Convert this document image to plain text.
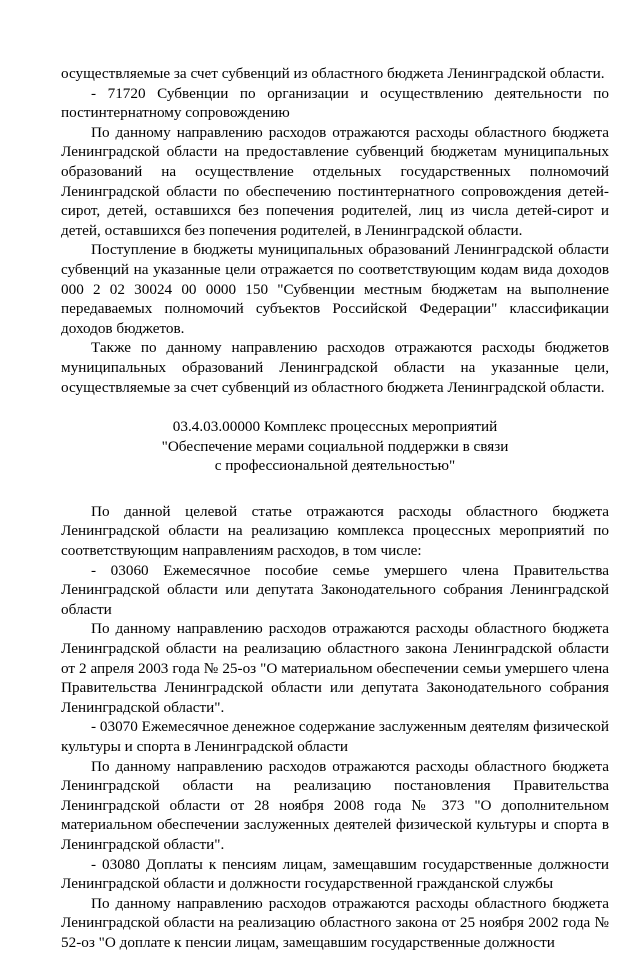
осуществляемые за счет субвенций из областного бюджета Ленинградской области.

- 71720 Субвенции по организации и осуществлению деятельности по постинтернатному сопровождению

По данному направлению расходов отражаются расходы областного бюджета Ленинградской области на предоставление субвенций бюджетам муниципальных образований на осуществление отдельных государственных полномочий Ленинградской области по обеспечению постинтернатного сопровождения детей-сирот, детей, оставшихся без попечения родителей, лиц из числа детей-сирот и детей, оставшихся без попечения родителей, в Ленинградской области.

Поступление в бюджеты муниципальных образований Ленинградской области субвенций на указанные цели отражается по соответствующим кодам вида доходов 000 2 02 30024 00 0000 150 "Субвенции местным бюджетам на выполнение передаваемых полномочий субъектов Российской Федерации" классификации доходов бюджетов.

Также по данному направлению расходов отражаются расходы бюджетов муниципальных образований Ленинградской области на указанные цели, осуществляемые за счет субвенций из областного бюджета Ленинградской области.

03.4.03.00000 Комплекс процессных мероприятий
"Обеспечение мерами социальной поддержки в связи
с профессиональной деятельностью"

По данной целевой статье отражаются расходы областного бюджета Ленинградской области на реализацию комплекса процессных мероприятий по соответствующим направлениям расходов, в том числе:

- 03060 Ежемесячное пособие семье умершего члена Правительства Ленинградской области или депутата Законодательного собрания Ленинградской области

По данному направлению расходов отражаются расходы областного бюджета Ленинградской области на реализацию областного закона Ленинградской области от 2 апреля 2003 года № 25-оз "О материальном обеспечении семьи умершего члена Правительства Ленинградской области или депутата Законодательного собрания Ленинградской области".

- 03070 Ежемесячное денежное содержание заслуженным деятелям физической культуры и спорта в Ленинградской области

По данному направлению расходов отражаются расходы областного бюджета Ленинградской области на реализацию постановления Правительства Ленинградской области от 28 ноября 2008 года № 373 "О дополнительном материальном обеспечении заслуженных деятелей физической культуры и спорта в Ленинградской области".

- 03080 Доплаты к пенсиям лицам, замещавшим государственные должности Ленинградской области и должности государственной гражданской службы

По данному направлению расходов отражаются расходы областного бюджета Ленинградской области на реализацию областного закона от 25 ноября 2002 года № 52-оз "О доплате к пенсии лицам, замещавшим государственные должности
